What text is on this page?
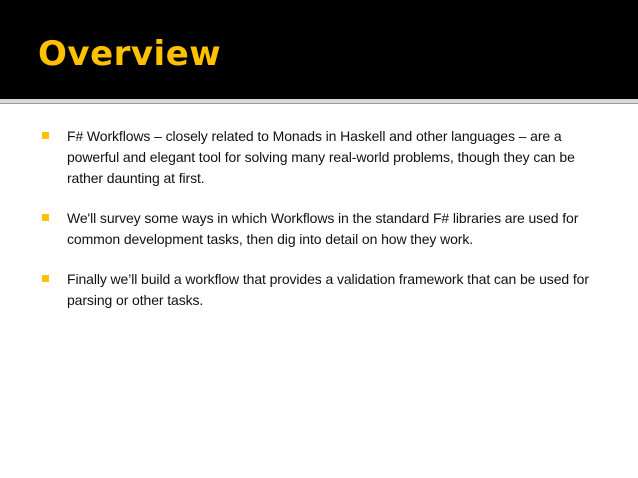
Overview
F# Workflows – closely related to Monads in Haskell and other languages – are a powerful and elegant tool for solving many real-world problems, though they can be rather daunting at first.
We'll survey some ways in which Workflows in the standard F# libraries are used for common development tasks, then dig into detail on how they work.
Finally we’ll build a workflow that provides a validation framework that can be used for parsing or other tasks.
